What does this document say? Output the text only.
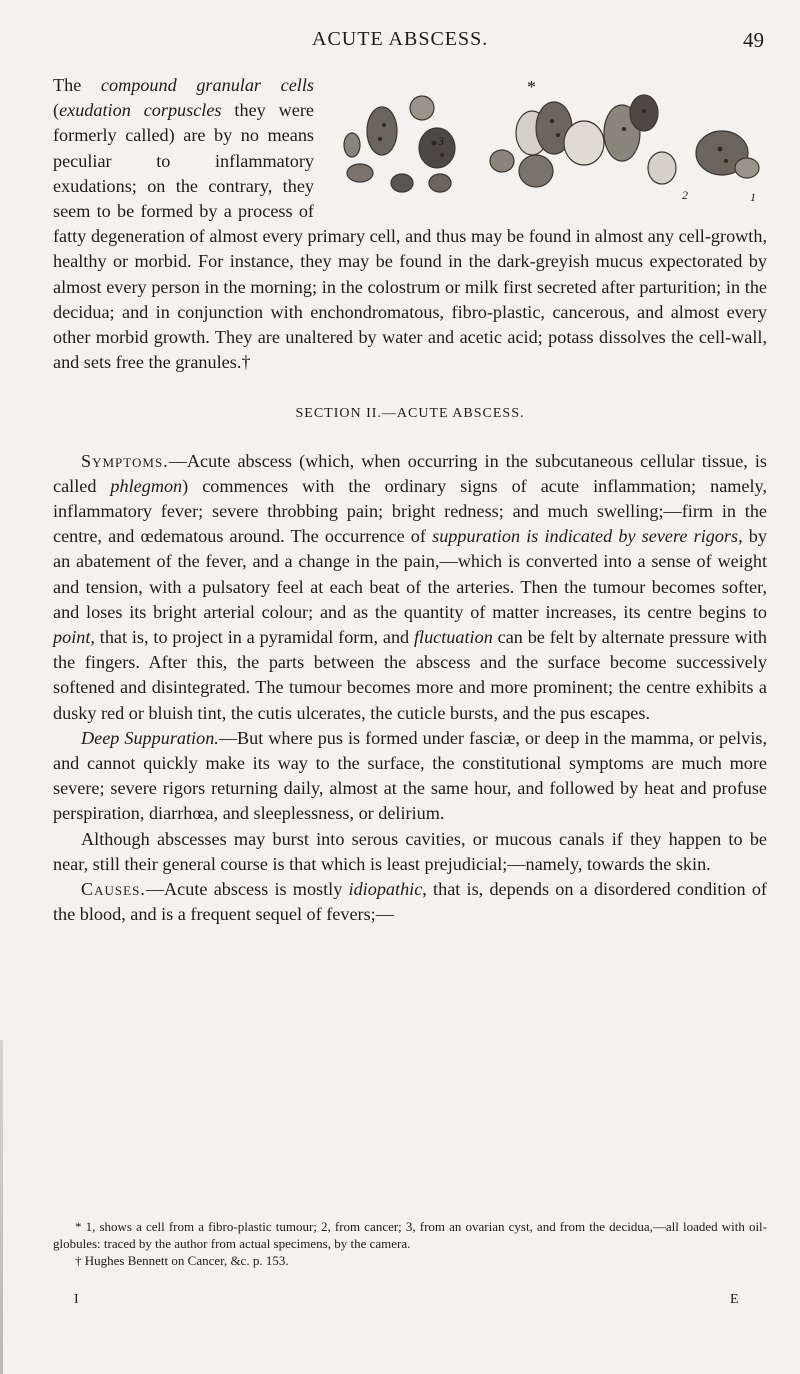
ACUTE ABSCESS.	49
*
3
2	1

The compound granular cells (exudation corpuscles they were formerly called) are by no means peculiar to inflammatory exudations; on the contrary, they seem to be formed by a process of fatty degeneration of almost every primary cell, and thus may be found in almost any cell-growth, healthy or morbid. For instance, they may be found in the dark-greyish mucus expectorated by almost every person in the morning; in the colostrum or milk first secreted after parturition; in the decidua; and in conjunction with enchondromatous, fibro-plastic, cancerous, and almost every other morbid growth. They are unaltered by water and acetic acid; potass dissolves the cell-wall, and sets free the granules.†

SECTION II.—ACUTE ABSCESS.

Symptoms.—Acute abscess (which, when occurring in the subcutaneous cellular tissue, is called phlegmon) commences with the ordinary signs of acute inflammation; namely, inflammatory fever; severe throbbing pain; bright redness; and much swelling;—firm in the centre, and œdematous around. The occurrence of suppuration is indicated by severe rigors, by an abatement of the fever, and a change in the pain,—which is converted into a sense of weight and tension, with a pulsatory feel at each beat of the arteries. Then the tumour becomes softer, and loses its bright arterial colour; and as the quantity of matter increases, its centre begins to point, that is, to project in a pyramidal form, and fluctuation can be felt by alternate pressure with the fingers. After this, the parts between the abscess and the surface become successively softened and disintegrated. The tumour becomes more and more prominent; the centre exhibits a dusky red or bluish tint, the cutis ulcerates, the cuticle bursts, and the pus escapes.

Deep Suppuration.—But where pus is formed under fasciæ, or deep in the mamma, or pelvis, and cannot quickly make its way to the surface, the constitutional symptoms are much more severe; severe rigors returning daily, almost at the same hour, and followed by heat and profuse perspiration, diarrhœa, and sleeplessness, or delirium.

Although abscesses may burst into serous cavities, or mucous canals if they happen to be near, still their general course is that which is least prejudicial;—namely, towards the skin.

Causes.—Acute abscess is mostly idiopathic, that is, depends on a disordered condition of the blood, and is a frequent sequel of fevers;—

* 1, shows a cell from a fibro-plastic tumour; 2, from cancer; 3, from an ovarian cyst, and from the decidua,—all loaded with oil-globules: traced by the author from actual specimens, by the camera.

† Hughes Bennett on Cancer, &c. p. 153.

I	E
